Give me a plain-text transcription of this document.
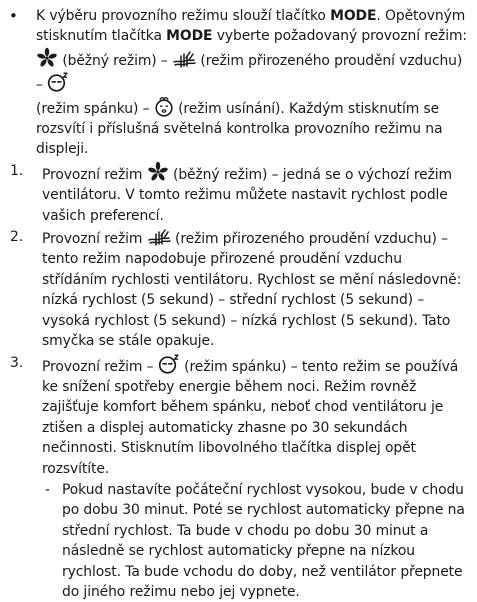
•	K výběru provozního režimu slouží tlačítko MODE. Opětovným stisknutím tlačítka MODE vyberte požadovaný provozní režim:
(běžný režim) –
(režim přirozeného proudění vzduchu) –

(režim spánku) –
(režim usínání). Každým stisknutím se rozsvítí i příslušná světelná kontrolka provozního režimu na displeji.
1.	Provozní režim
(běžný režim) – jedná se o výchozí režim ventilátoru. V tomto režimu můžete nastavit rychlost podle vašich preferencí.
2.	Provozní režim
(režim přirozeného proudění vzduchu) – tento režim napodobuje přirozené proudění vzduchu střídáním rychlosti ventilátoru. Rychlost se mění následovně: nízká rychlost (5 sekund) – střední rychlost (5 sekund) – vysoká rychlost (5 sekund) – nízká rychlost (5 sekund). Tato smyčka se stále opakuje.
3.	Provozní režim –
(režim spánku) – tento režim se používá ke snížení spotřeby energie během noci. Režim rovněž zajišťuje komfort během spánku, neboť chod ventilátoru je ztišen a displej automaticky zhasne po 30 sekundách nečinnosti. Stisknutím libovolného tlačítka displej opět rozsvítíte.
- Pokud nastavíte počáteční rychlost vysokou, bude v chodu po dobu 30 minut. Poté se rychlost automaticky přepne na střední rychlost. Ta bude v chodu po dobu 30 minut a následně se rychlost automaticky přepne na nízkou rychlost. Ta bude vchodu do doby, než ventilátor přepnete do jiného režimu nebo jej vypnete.
